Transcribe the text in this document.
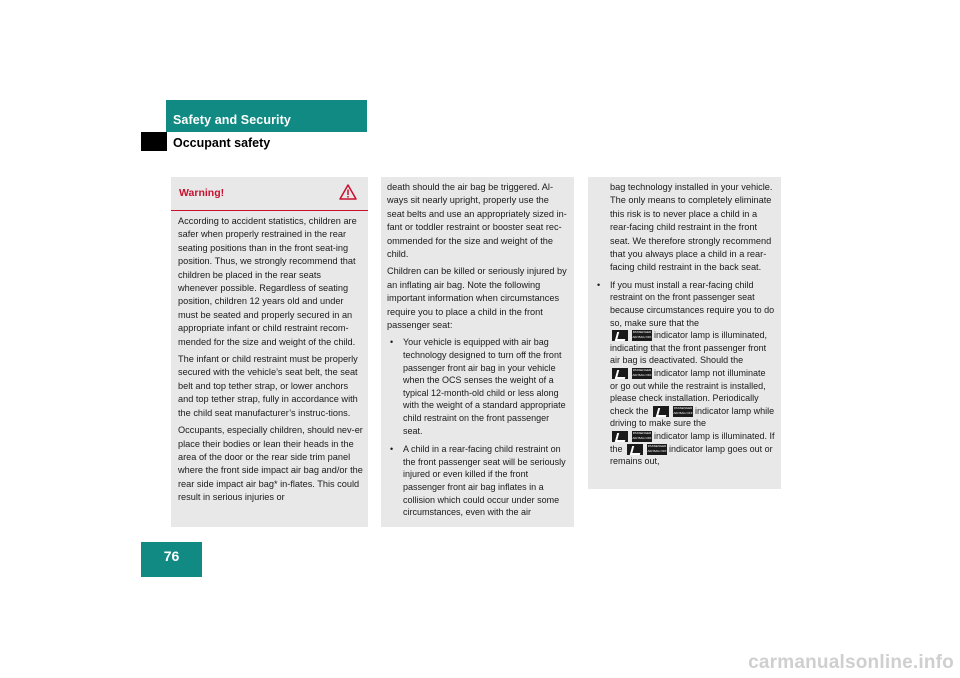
Safety and Security
Occupant safety
Warning!

According to accident statistics, children are safer when properly restrained in the rear seating positions than in the front seat-ing position. Thus, we strongly recommend that children be placed in the rear seats whenever possible. Regardless of seating position, children 12 years old and under must be seated and properly secured in an appropriate infant or child restraint recom-mended for the size and weight of the child.

The infant or child restraint must be properly secured with the vehicle’s seat belt, the seat belt and top tether strap, or lower anchors and top tether strap, fully in accordance with the child seat manufacturer’s instruc-tions.

Occupants, especially children, should nev-er place their bodies or lean their heads in the area of the door or the rear side trim panel where the front side impact air bag and/or the rear side impact air bag* in-flates. This could result in serious injuries or

death should the air bag be triggered. Al-ways sit nearly upright, properly use the seat belts and use an appropriately sized in-fant or toddler restraint or booster seat rec-ommended for the size and weight of the child.

Children can be killed or seriously injured by an inflating air bag. Note the following important information when circumstances require you to place a child in the front passenger seat:

• Your vehicle is equipped with air bag technology designed to turn off the front passenger front air bag in your vehicle when the OCS senses the weight of a typical 12-month-old child or less along with the weight of a standard appropriate child restraint on the front passenger seat.
• A child in a rear-facing child restraint on the front passenger seat will be seriously injured or even killed if the front passenger front air bag inflates in a collision which could occur under some circumstances, even with the air

bag technology installed in your vehicle. The only means to completely eliminate this risk is to never place a child in a rear-facing child restraint in the front seat. We therefore strongly recommend that you always place a child in a rear-facing child restraint in the back seat.

• If you must install a rear-facing child restraint on the front passenger seat because circumstances require you to do so, make sure that the

PASSENGER AIR BAG OFF indicator lamp is illuminated, indicating that the front passenger front air bag is deactivated. Should the

PASSENGER AIR BAG OFF indicator lamp not illuminate or go out while the restraint is installed, please check installation. Periodically check the	PASSENGER AIR BAG OFF indicator lamp while driving to make sure the

PASSENGER AIR BAG OFF indicator lamp is illuminated. If the	PASSENGER AIR BAG OFF indicator lamp goes out or remains out,
76
carmanualsonline.info
